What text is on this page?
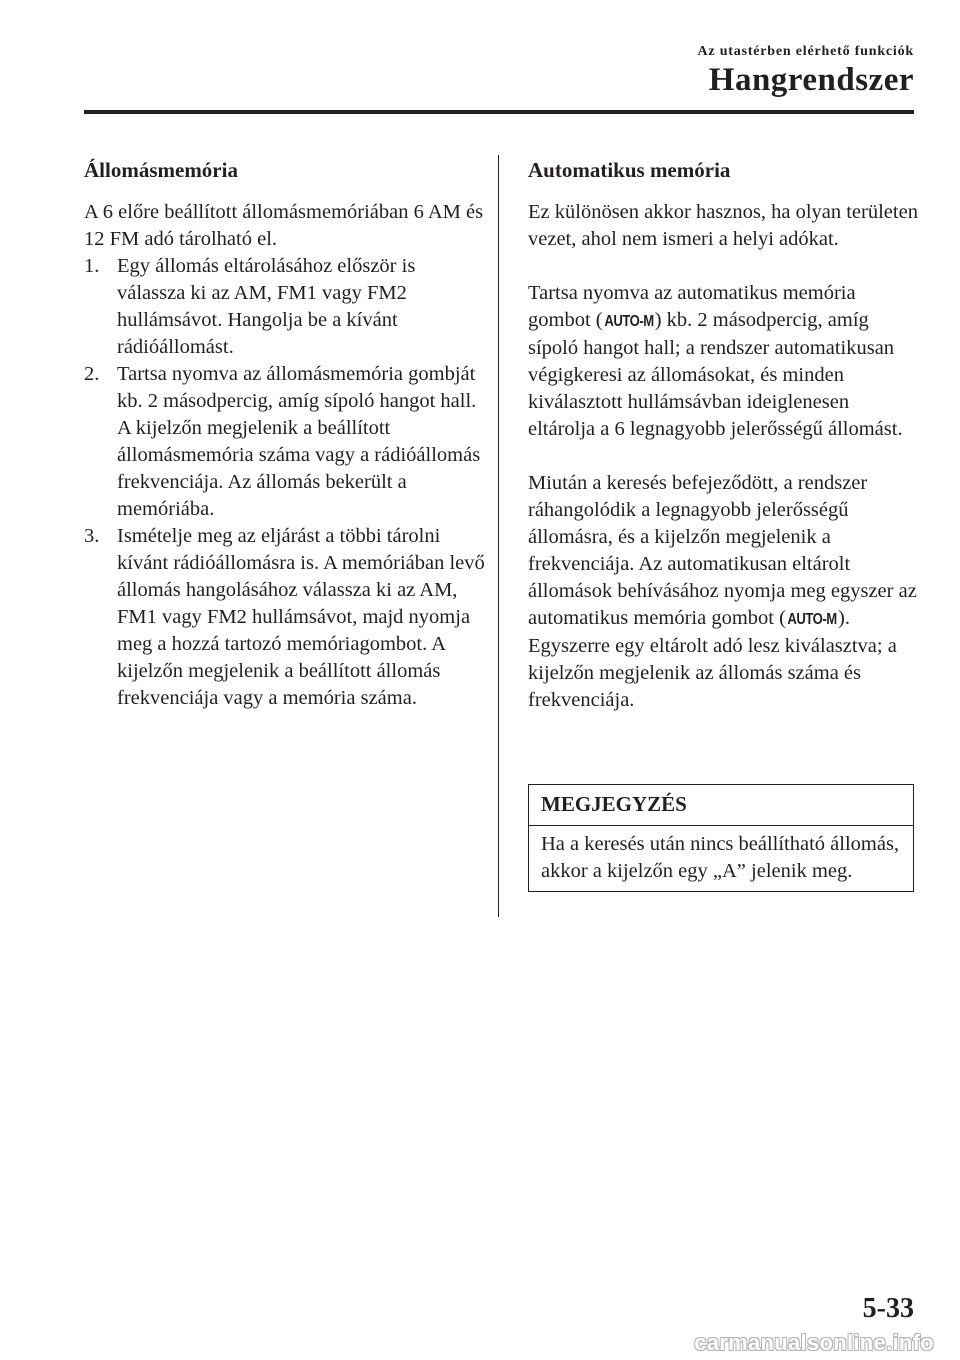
Az utastérben elérhető funkciók
Hangrendszer
Állomásmemória

A 6 előre beállított állomásmemóriában 6 AM és 12 FM adó tárolható el.

1. Egy állomás eltárolásához először is válassza ki az AM, FM1 vagy FM2 hullámsávot. Hangolja be a kívánt rádióállomást.
2. Tartsa nyomva az állomásmemória gombját kb. 2 másodpercig, amíg sípoló hangot hall. A kijelzőn megjelenik a beállított állomásmemória száma vagy a rádióállomás frekvenciája. Az állomás bekerült a memóriába.
3. Ismételje meg az eljárást a többi tárolni kívánt rádióállomásra is. A memóriában levő állomás hangolásához válassza ki az AM, FM1 vagy FM2 hullámsávot, majd nyomja meg a hozzá tartozó memóriagombot. A kijelzőn megjelenik a beállított állomás frekvenciája vagy a memória száma.
Automatikus memória

Ez különösen akkor hasznos, ha olyan területen vezet, ahol nem ismeri a helyi adókat.

Tartsa nyomva az automatikus memória gombot (AUTO-M) kb. 2 másodpercig, amíg sípoló hangot hall; a rendszer automatikusan végigkeresi az állomásokat, és minden kiválasztott hullámsávban ideiglenesen eltárolja a 6 legnagyobb jelerősségű állomást.

Miután a keresés befejeződött, a rendszer ráhangolódik a legnagyobb jelerősségű állomásra, és a kijelzőn megjelenik a frekvenciája. Az automatikusan eltárolt állomások behívásához nyomja meg egyszer az automatikus memória gombot (AUTO-M). Egyszerre egy eltárolt adó lesz kiválasztva; a kijelzőn megjelenik az állomás száma és frekvenciája.

MEGJEGYZÉS
Ha a keresés után nincs beállítható állomás, akkor a kijelzőn egy „A” jelenik meg.
5-33
carmanualsonline.info
